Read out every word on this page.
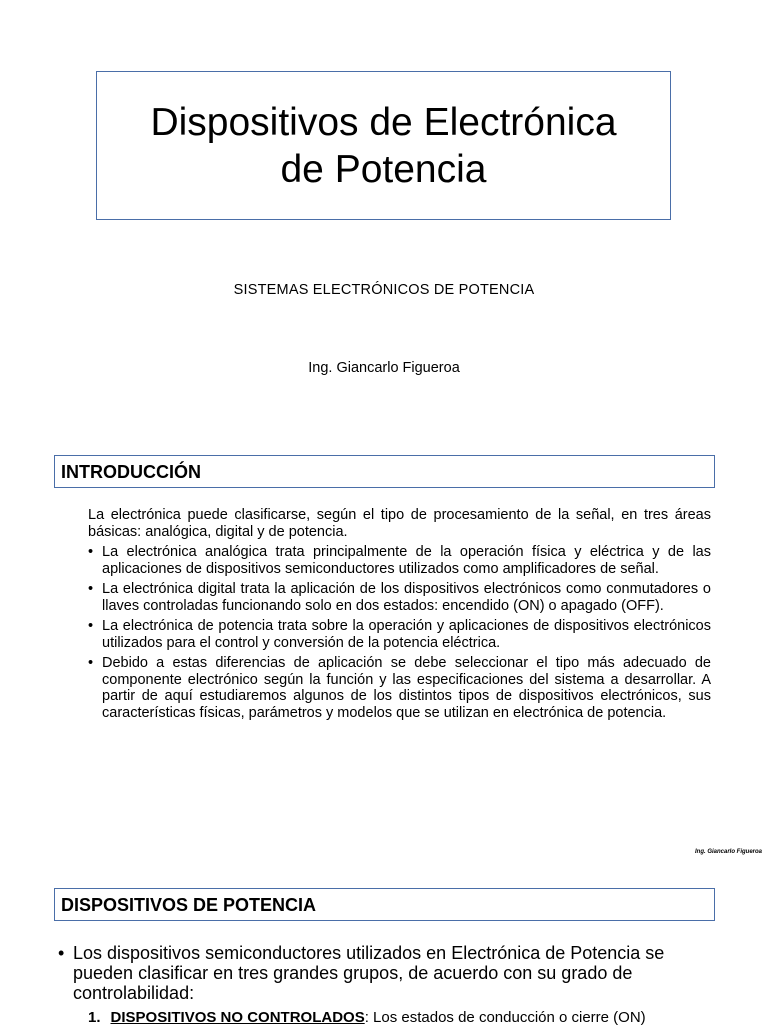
Dispositivos de Electrónica
de Potencia
SISTEMAS ELECTRÓNICOS DE POTENCIA
Ing. Giancarlo Figueroa
INTRODUCCIÓN

La electrónica puede clasificarse, según el tipo de procesamiento de la señal, en tres áreas básicas: analógica, digital y de potencia.

• La electrónica analógica trata principalmente de la operación física y eléctrica y de las aplicaciones de dispositivos semiconductores utilizados como amplificadores de señal.
• La electrónica digital trata la aplicación de los dispositivos electrónicos como conmutadores o llaves controladas funcionando solo en dos estados: encendido (ON) o apagado (OFF).
• La electrónica de potencia trata sobre la operación y aplicaciones de dispositivos electrónicos utilizados para el control y conversión de la potencia eléctrica.
• Debido a estas diferencias de aplicación se debe seleccionar el tipo más adecuado de componente electrónico según la función y las especificaciones del sistema a desarrollar. A partir de aquí estudiaremos algunos de los distintos tipos de dispositivos electrónicos, sus características físicas, parámetros y modelos que se utilizan en electrónica de potencia.
Ing. Giancarlo Figueroa
DISPOSITIVOS DE POTENCIA
• Los dispositivos semiconductores utilizados en Electrónica de Potencia se pueden clasificar en tres grandes grupos, de acuerdo con su grado de controlabilidad:
1. DISPOSITIVOS NO CONTROLADOS: Los estados de conducción o cierre (ON)
